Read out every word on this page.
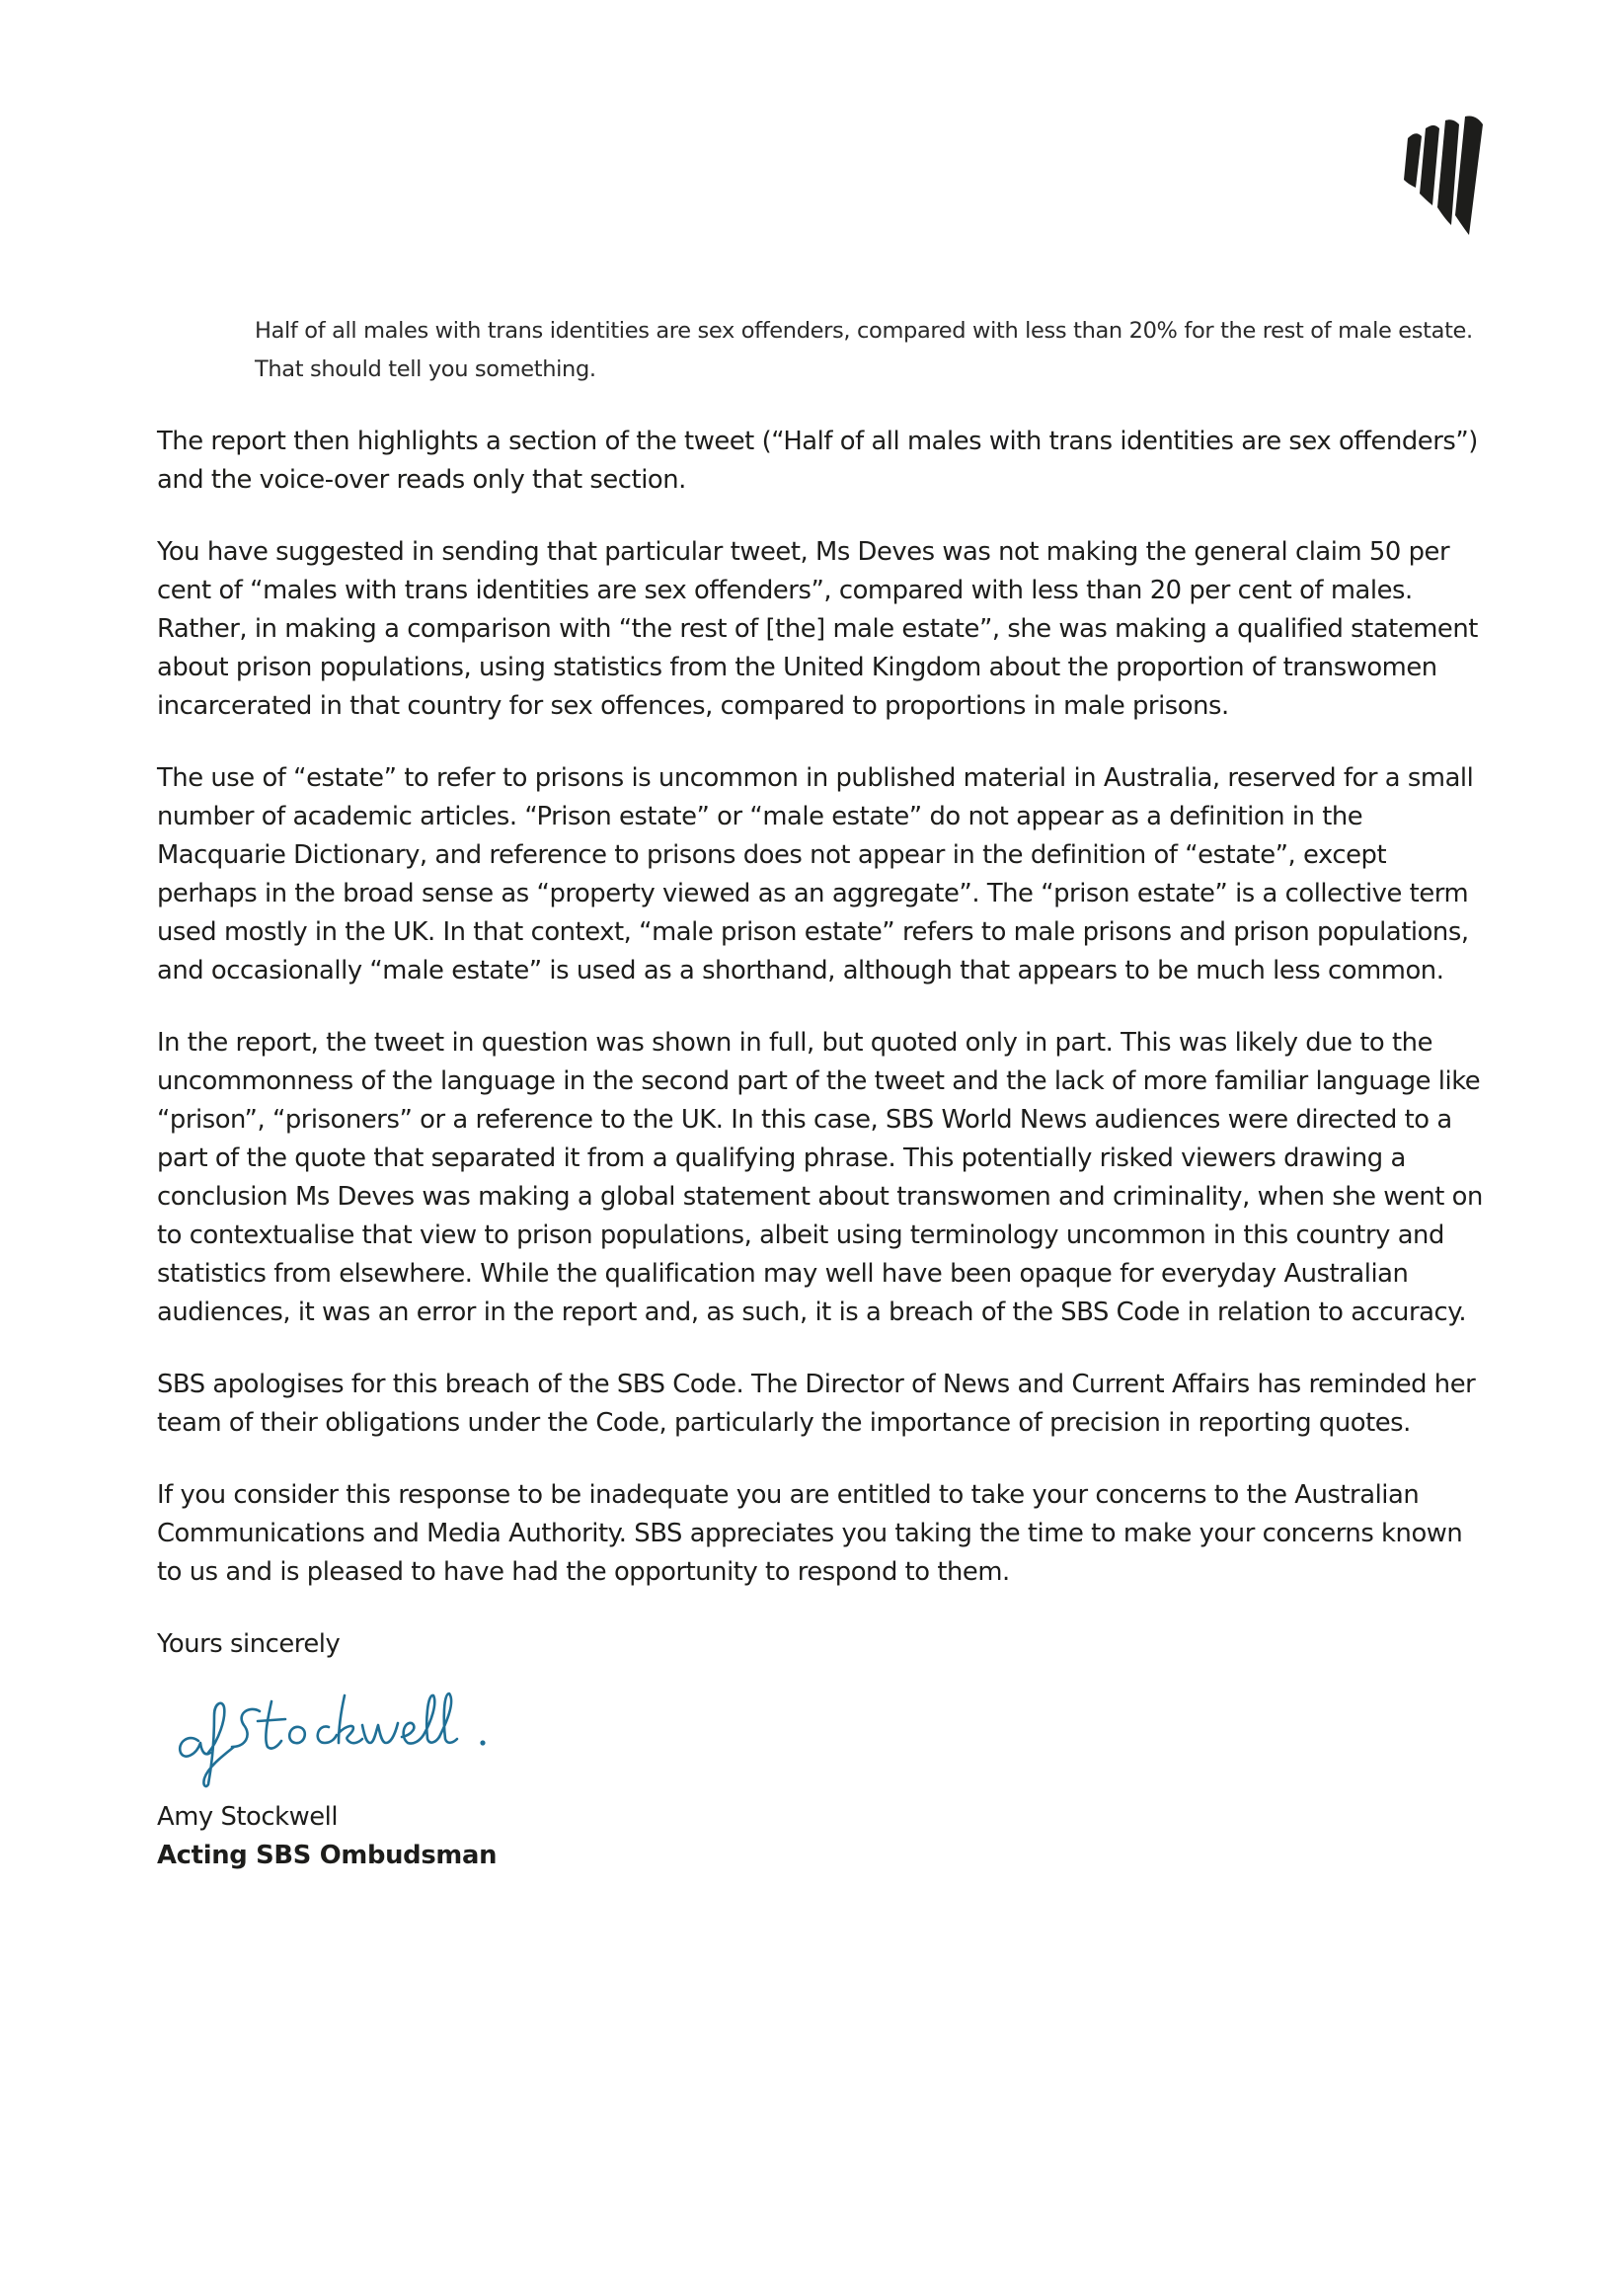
Half of all males with trans identities are sex offenders, compared with less than 20% for the rest of male estate. That should tell you something.

The report then highlights a section of the tweet (“Half of all males with trans identities are sex offenders”) and the voice-over reads only that section.

You have suggested in sending that particular tweet, Ms Deves was not making the general claim 50 per cent of “males with trans identities are sex offenders”, compared with less than 20 per cent of males. Rather, in making a comparison with “the rest of [the] male estate”, she was making a qualified statement about prison populations, using statistics from the United Kingdom about the proportion of transwomen incarcerated in that country for sex offences, compared to proportions in male prisons.

The use of “estate” to refer to prisons is uncommon in published material in Australia, reserved for a small number of academic articles. “Prison estate” or “male estate” do not appear as a definition in the Macquarie Dictionary, and reference to prisons does not appear in the definition of “estate”, except perhaps in the broad sense as “property viewed as an aggregate”. The “prison estate” is a collective term used mostly in the UK. In that context, “male prison estate” refers to male prisons and prison populations, and occasionally “male estate” is used as a shorthand, although that appears to be much less common.

In the report, the tweet in question was shown in full, but quoted only in part. This was likely due to the uncommonness of the language in the second part of the tweet and the lack of more familiar language like “prison”, “prisoners” or a reference to the UK. In this case, SBS World News audiences were directed to a part of the quote that separated it from a qualifying phrase. This potentially risked viewers drawing a conclusion Ms Deves was making a global statement about transwomen and criminality, when she went on to contextualise that view to prison populations, albeit using terminology uncommon in this country and statistics from elsewhere. While the qualification may well have been opaque for everyday Australian audiences, it was an error in the report and, as such, it is a breach of the SBS Code in relation to accuracy.

SBS apologises for this breach of the SBS Code. The Director of News and Current Affairs has reminded her team of their obligations under the Code, particularly the importance of precision in reporting quotes.

If you consider this response to be inadequate you are entitled to take your concerns to the Australian Communications and Media Authority. SBS appreciates you taking the time to make your concerns known to us and is pleased to have had the opportunity to respond to them.

Yours sincerely

Amy Stockwell

Acting SBS Ombudsman
